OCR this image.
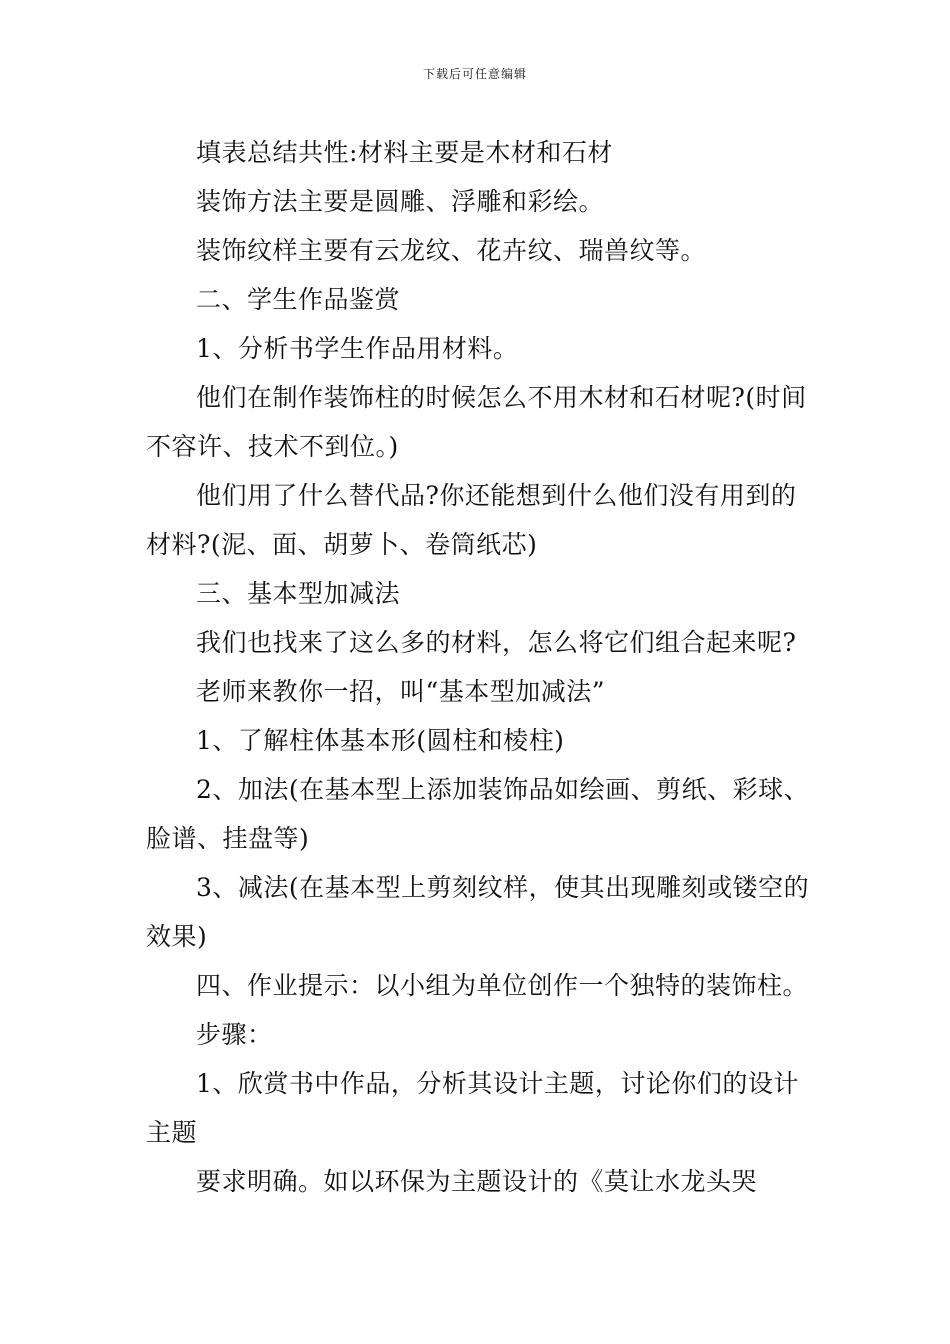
下载后可任意编辑

填表总结共性:材料主要是木材和石材

装饰方法主要是圆雕、浮雕和彩绘。

装饰纹样主要有云龙纹、花卉纹、瑞兽纹等。

二、学生作品鉴赏

1、分析书学生作品用材料。

他们在制作装饰柱的时候怎么不用木材和石材呢?(时间不容许、技术不到位。)

他们用了什么替代品?你还能想到什么他们没有用到的材料?(泥、面、胡萝卜、卷筒纸芯)

三、基本型加减法

我们也找来了这么多的材料，怎么将它们组合起来呢?

老师来教你一招，叫“基本型加减法”

1、了解柱体基本形(圆柱和棱柱)

2、加法(在基本型上添加装饰品如绘画、剪纸、彩球、脸谱、挂盘等)

3、减法(在基本型上剪刻纹样，使其出现雕刻或镂空的效果)

四、作业提示：以小组为单位创作一个独特的装饰柱。

步骤：

1、欣赏书中作品，分析其设计主题，讨论你们的设计主题

要求明确。如以环保为主题设计的《莫让水龙头哭
